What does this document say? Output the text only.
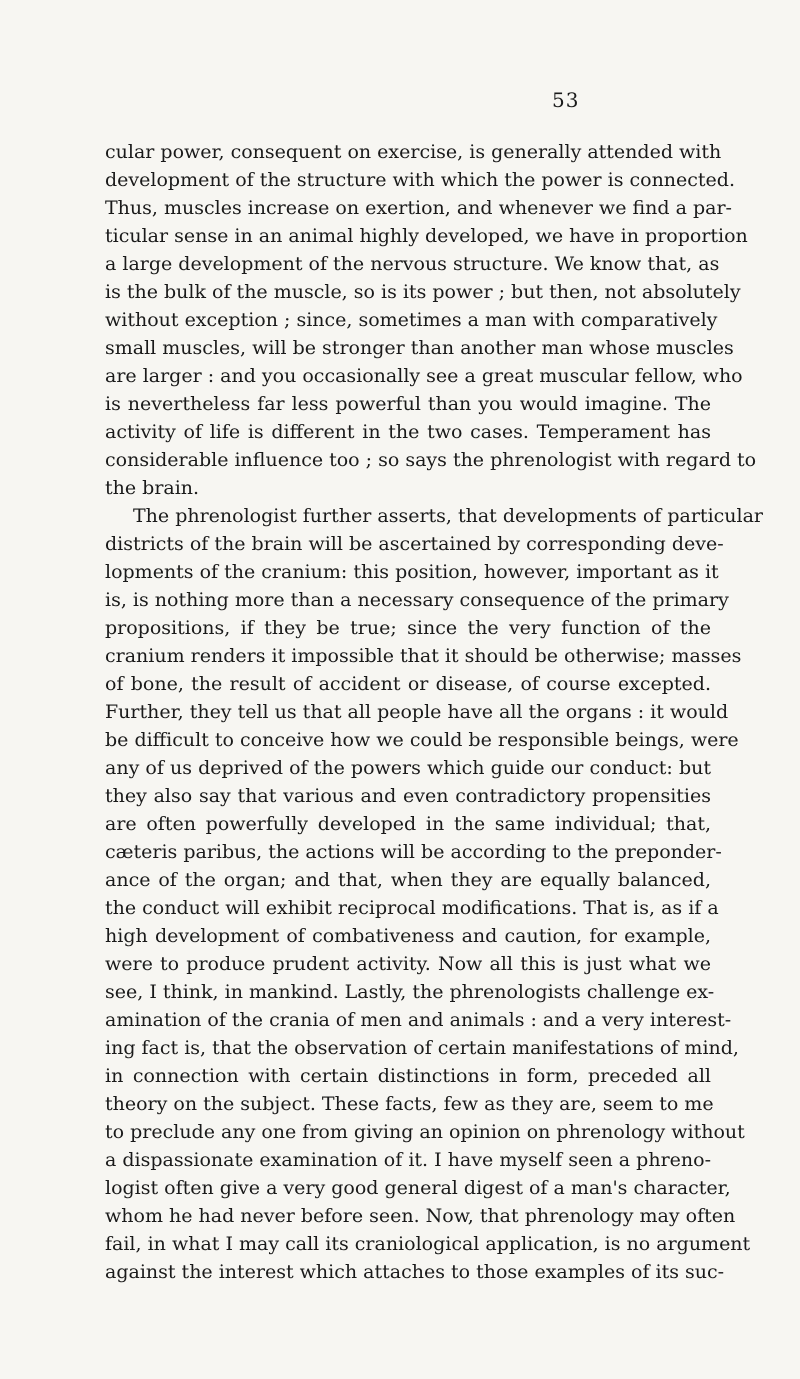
53
cular power, consequent on exercise, is generally attended with
development of the structure with which the power is connected.
Thus, muscles increase on exertion, and whenever we find a par-
ticular sense in an animal highly developed, we have in proportion
a large development of the nervous structure. We know that, as
is the bulk of the muscle, so is its power ; but then, not absolutely
without exception ; since, sometimes a man with comparatively
small muscles, will be stronger than another man whose muscles
are larger : and you occasionally see a great muscular fellow, who
is nevertheless far less powerful than you would imagine. The
activity of life is different in the two cases. Temperament has
considerable influence too ; so says the phrenologist with regard to
the brain.
The phrenologist further asserts, that developments of particular
districts of the brain will be ascertained by corresponding deve-
lopments of the cranium: this position, however, important as it
is, is nothing more than a necessary consequence of the primary
propositions, if they be true; since the very function of the
cranium renders it impossible that it should be otherwise; masses
of bone, the result of accident or disease, of course excepted.
Further, they tell us that all people have all the organs : it would
be difficult to conceive how we could be responsible beings, were
any of us deprived of the powers which guide our conduct: but
they also say that various and even contradictory propensities
are often powerfully developed in the same individual; that,
cæteris paribus, the actions will be according to the preponder-
ance of the organ; and that, when they are equally balanced,
the conduct will exhibit reciprocal modifications. That is, as if a
high development of combativeness and caution, for example,
were to produce prudent activity. Now all this is just what we
see, I think, in mankind. Lastly, the phrenologists challenge ex-
amination of the crania of men and animals : and a very interest-
ing fact is, that the observation of certain manifestations of mind,
in connection with certain distinctions in form, preceded all
theory on the subject. These facts, few as they are, seem to me
to preclude any one from giving an opinion on phrenology without
a dispassionate examination of it. I have myself seen a phreno-
logist often give a very good general digest of a man's character,
whom he had never before seen. Now, that phrenology may often
fail, in what I may call its craniological application, is no argument
against the interest which attaches to those examples of its suc-
